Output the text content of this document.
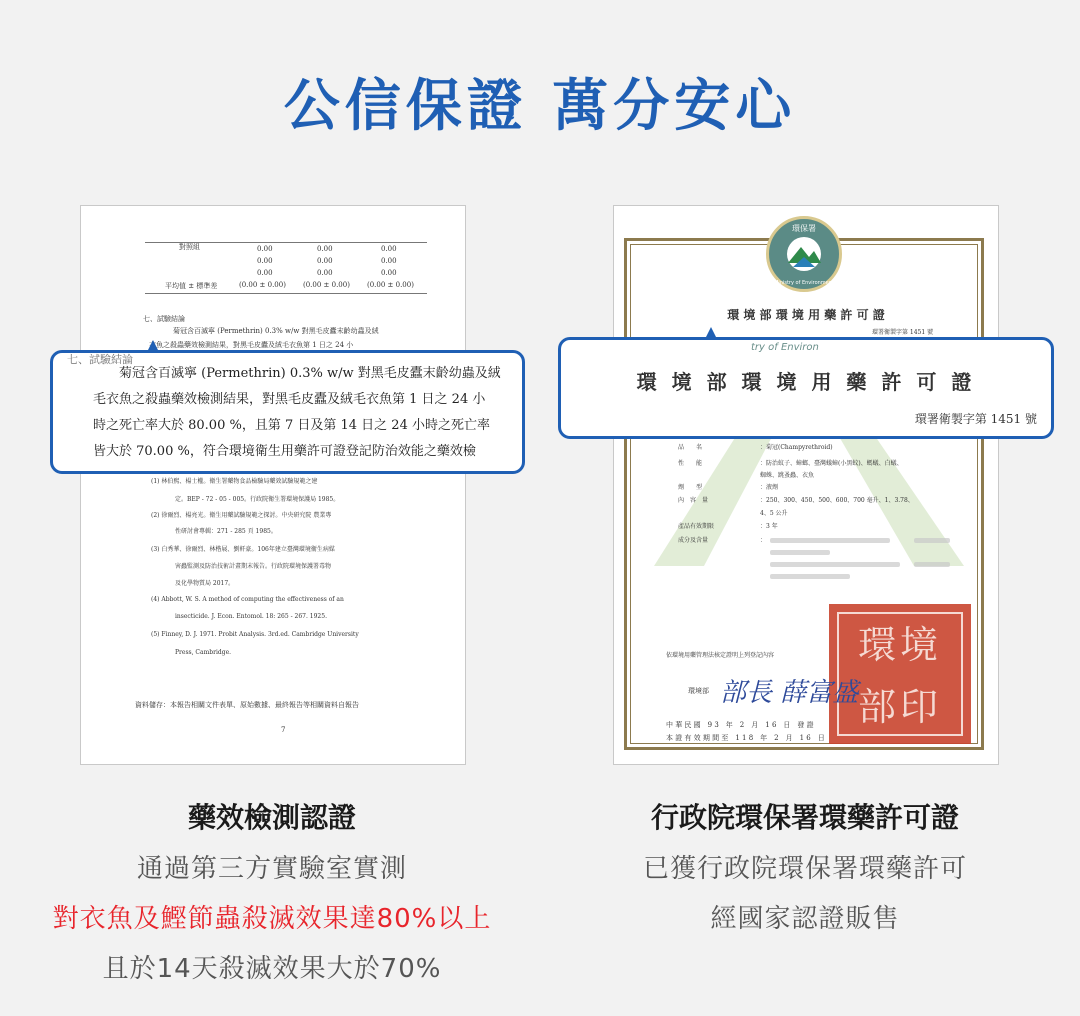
公信保證 萬分安心
對照組	0.00	0.00	0.00
0.00	0.00	0.00
0.00	0.00	0.00
平均值 ± 標準差	(0.00 ± 0.00) (0.00 ± 0.00) (0.00 ± 0.00)
七、試驗結論
菊冠含百滅寧 (Permethrin) 0.3% w/w 對黑毛皮蠹末齡幼蟲及絨
衣魚之殺蟲藥效檢測結果，對黑毛皮蠹及絨毛衣魚第 1 日之 24 小
(1) 林伯熙、楊士權。衛生署藥物食品檢驗局藥效試驗規範之建
定。BEP - 72 - 05 - 005。行政院衛生署環境保護局 1985。
(2) 徐爾烈、楊亮光。衛生用藥試驗規範之探討。中央研究院 農業專
性研討會專輯：271 - 285 頁 1985。
(3) 白秀華、徐爾烈、林楷展、劉軒豪。106年建立臺灣環境衛生病媒
害蟲監測及防治技術計畫期末報告。行政院環境保護署毒物
及化學物質局 2017。
(4) Abbott, W. S. A method of computing the effectiveness of an
insecticide. J. Econ. Entomol. 18: 265 - 267. 1925.
(5) Finney, D. J. 1971. Probit Analysis. 3rd.ed. Cambridge University
Press, Cambridge.
資料儲存：本報告相關文件表單、原始數據、最終報告等相關資料自報告
7
環保署
Ministry of Environment
環 境 部 環 境 用 藥 許 可 證
環署衛製字第 1451 號
品　　名	：菊冠(Champyrethroid)
性　　能	：防治蚊子、蟑螂、臺灣蟻蟑(小黑蚊)、螞蟻、白蟻、
蜘蛛、跳蚤蟲、衣魚
劑　　型	：液劑
內　容　量	：250、300、450、500、600、700 毫升、1、3.78、
4、5 公升
產品有效期限	：3 年
成分及含量	：
依環境用藥管理法核定證明上列登記內容
環境部
環境部印
部長 薛富盛
中 華 民 國　9 3　年　2　月　1 6　日　發 證
本 證 有 效 期 間 至　1 1 8　年　2　月　1 6　日
七、試驗結論
菊冠含百滅寧 (Permethrin) 0.3% w/w 對黑毛皮蠹末齡幼蟲及絨
毛衣魚之殺蟲藥效檢測結果，對黑毛皮蠹及絨毛衣魚第 1 日之 24 小
時之死亡率大於 80.00 %，且第 7 日及第 14 日之 24 小時之死亡率
皆大於 70.00 %，符合環境衛生用藥許可證登記防治效能之藥效檢
try of Environ
環 境 部 環 境 用 藥 許 可 證
環署衛製字第 1451 號
藥效檢測認證
通過第三方實驗室實測
對衣魚及鰹節蟲殺滅效果達80%以上
且於14天殺滅效果大於70%
行政院環保署環藥許可證
已獲行政院環保署環藥許可
經國家認證販售
